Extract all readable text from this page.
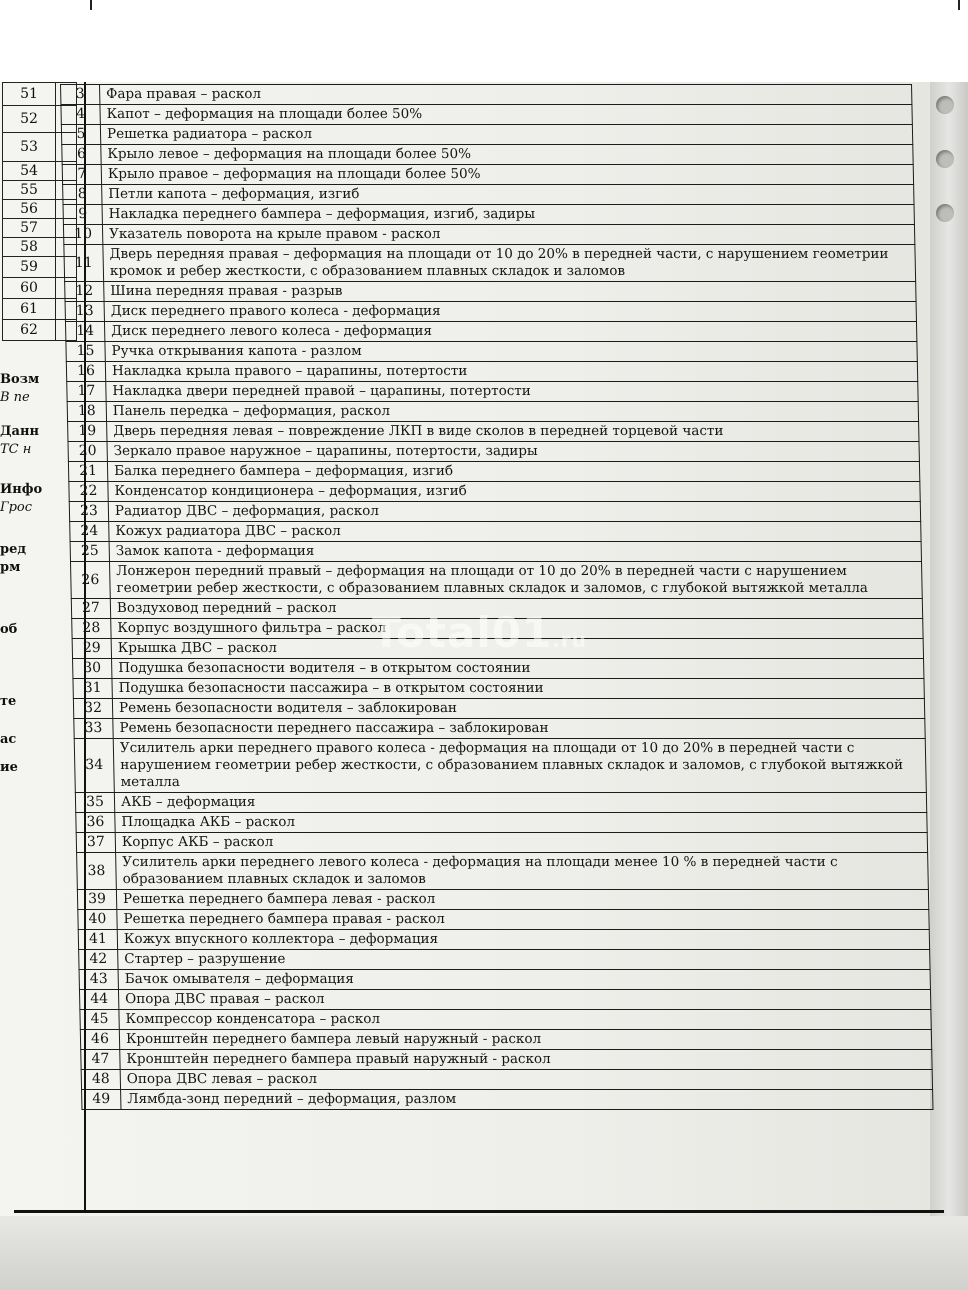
51	
52	
53	
54	
55	
56	
57	
58	
59	
60	
61	
62	
Возм
В пе
Данн
ТС н
Инфо
Грос
ред
рм
об
те
ас
ие
3	Фара правая – раскол
4	Капот – деформация на площади более 50%
5	Решетка радиатора – раскол
6	Крыло левое – деформация на площади более 50%
7	Крыло правое – деформация на площади более 50%
8	Петли капота – деформация, изгиб
9	Накладка переднего бампера – деформация, изгиб, задиры
10	Указатель поворота на крыле правом - раскол
11	Дверь передняя правая – деформация на площади от 10 до 20% в передней части, с нарушением геометрии кромок и ребер жесткости, с образованием плавных складок и заломов
12	Шина передняя правая - разрыв
13	Диск переднего правого колеса - деформация
14	Диск переднего левого колеса - деформация
15	Ручка открывания капота - разлом
16	Накладка крыла правого – царапины, потертости
17	Накладка двери передней правой – царапины, потертости
18	Панель передка – деформация, раскол
19	Дверь передняя левая – повреждение ЛКП в виде сколов в передней торцевой части
20	Зеркало правое наружное – царапины, потертости, задиры
21	Балка переднего бампера – деформация, изгиб
22	Конденсатор кондиционера – деформация, изгиб
23	Радиатор ДВС – деформация, раскол
24	Кожух радиатора ДВС – раскол
25	Замок капота - деформация
26	Лонжерон передний правый – деформация на площади от 10 до 20% в передней части с нарушением геометрии ребер жесткости, с образованием плавных складок и заломов, с глубокой вытяжкой металла
27	Воздуховод передний – раскол
28	Корпус воздушного фильтра – раскол
29	Крышка ДВС – раскол
30	Подушка безопасности водителя – в открытом состоянии
31	Подушка безопасности пассажира – в открытом состоянии
32	Ремень безопасности водителя – заблокирован
33	Ремень безопасности переднего пассажира – заблокирован
34	Усилитель арки переднего правого колеса - деформация на площади от 10 до 20% в передней части с нарушением геометрии ребер жесткости, с образованием плавных складок и заломов, с глубокой вытяжкой металла
35	АКБ – деформация
36	Площадка АКБ – раскол
37	Корпус АКБ – раскол
38	Усилитель арки переднего левого колеса - деформация на площади менее 10 % в передней части с образованием плавных складок и заломов
39	Решетка переднего бампера левая - раскол
40	Решетка переднего бампера правая - раскол
41	Кожух впускного коллектора – деформация
42	Стартер – разрушение
43	Бачок омывателя – деформация
44	Опора ДВС правая – раскол
45	Компрессор конденсатора – раскол
46	Кронштейн переднего бампера левый наружный - раскол
47	Кронштейн переднего бампера правый наружный - раскол
48	Опора ДВС левая – раскол
49	Лямбда-зонд передний – деформация, разлом
Total01.ru
